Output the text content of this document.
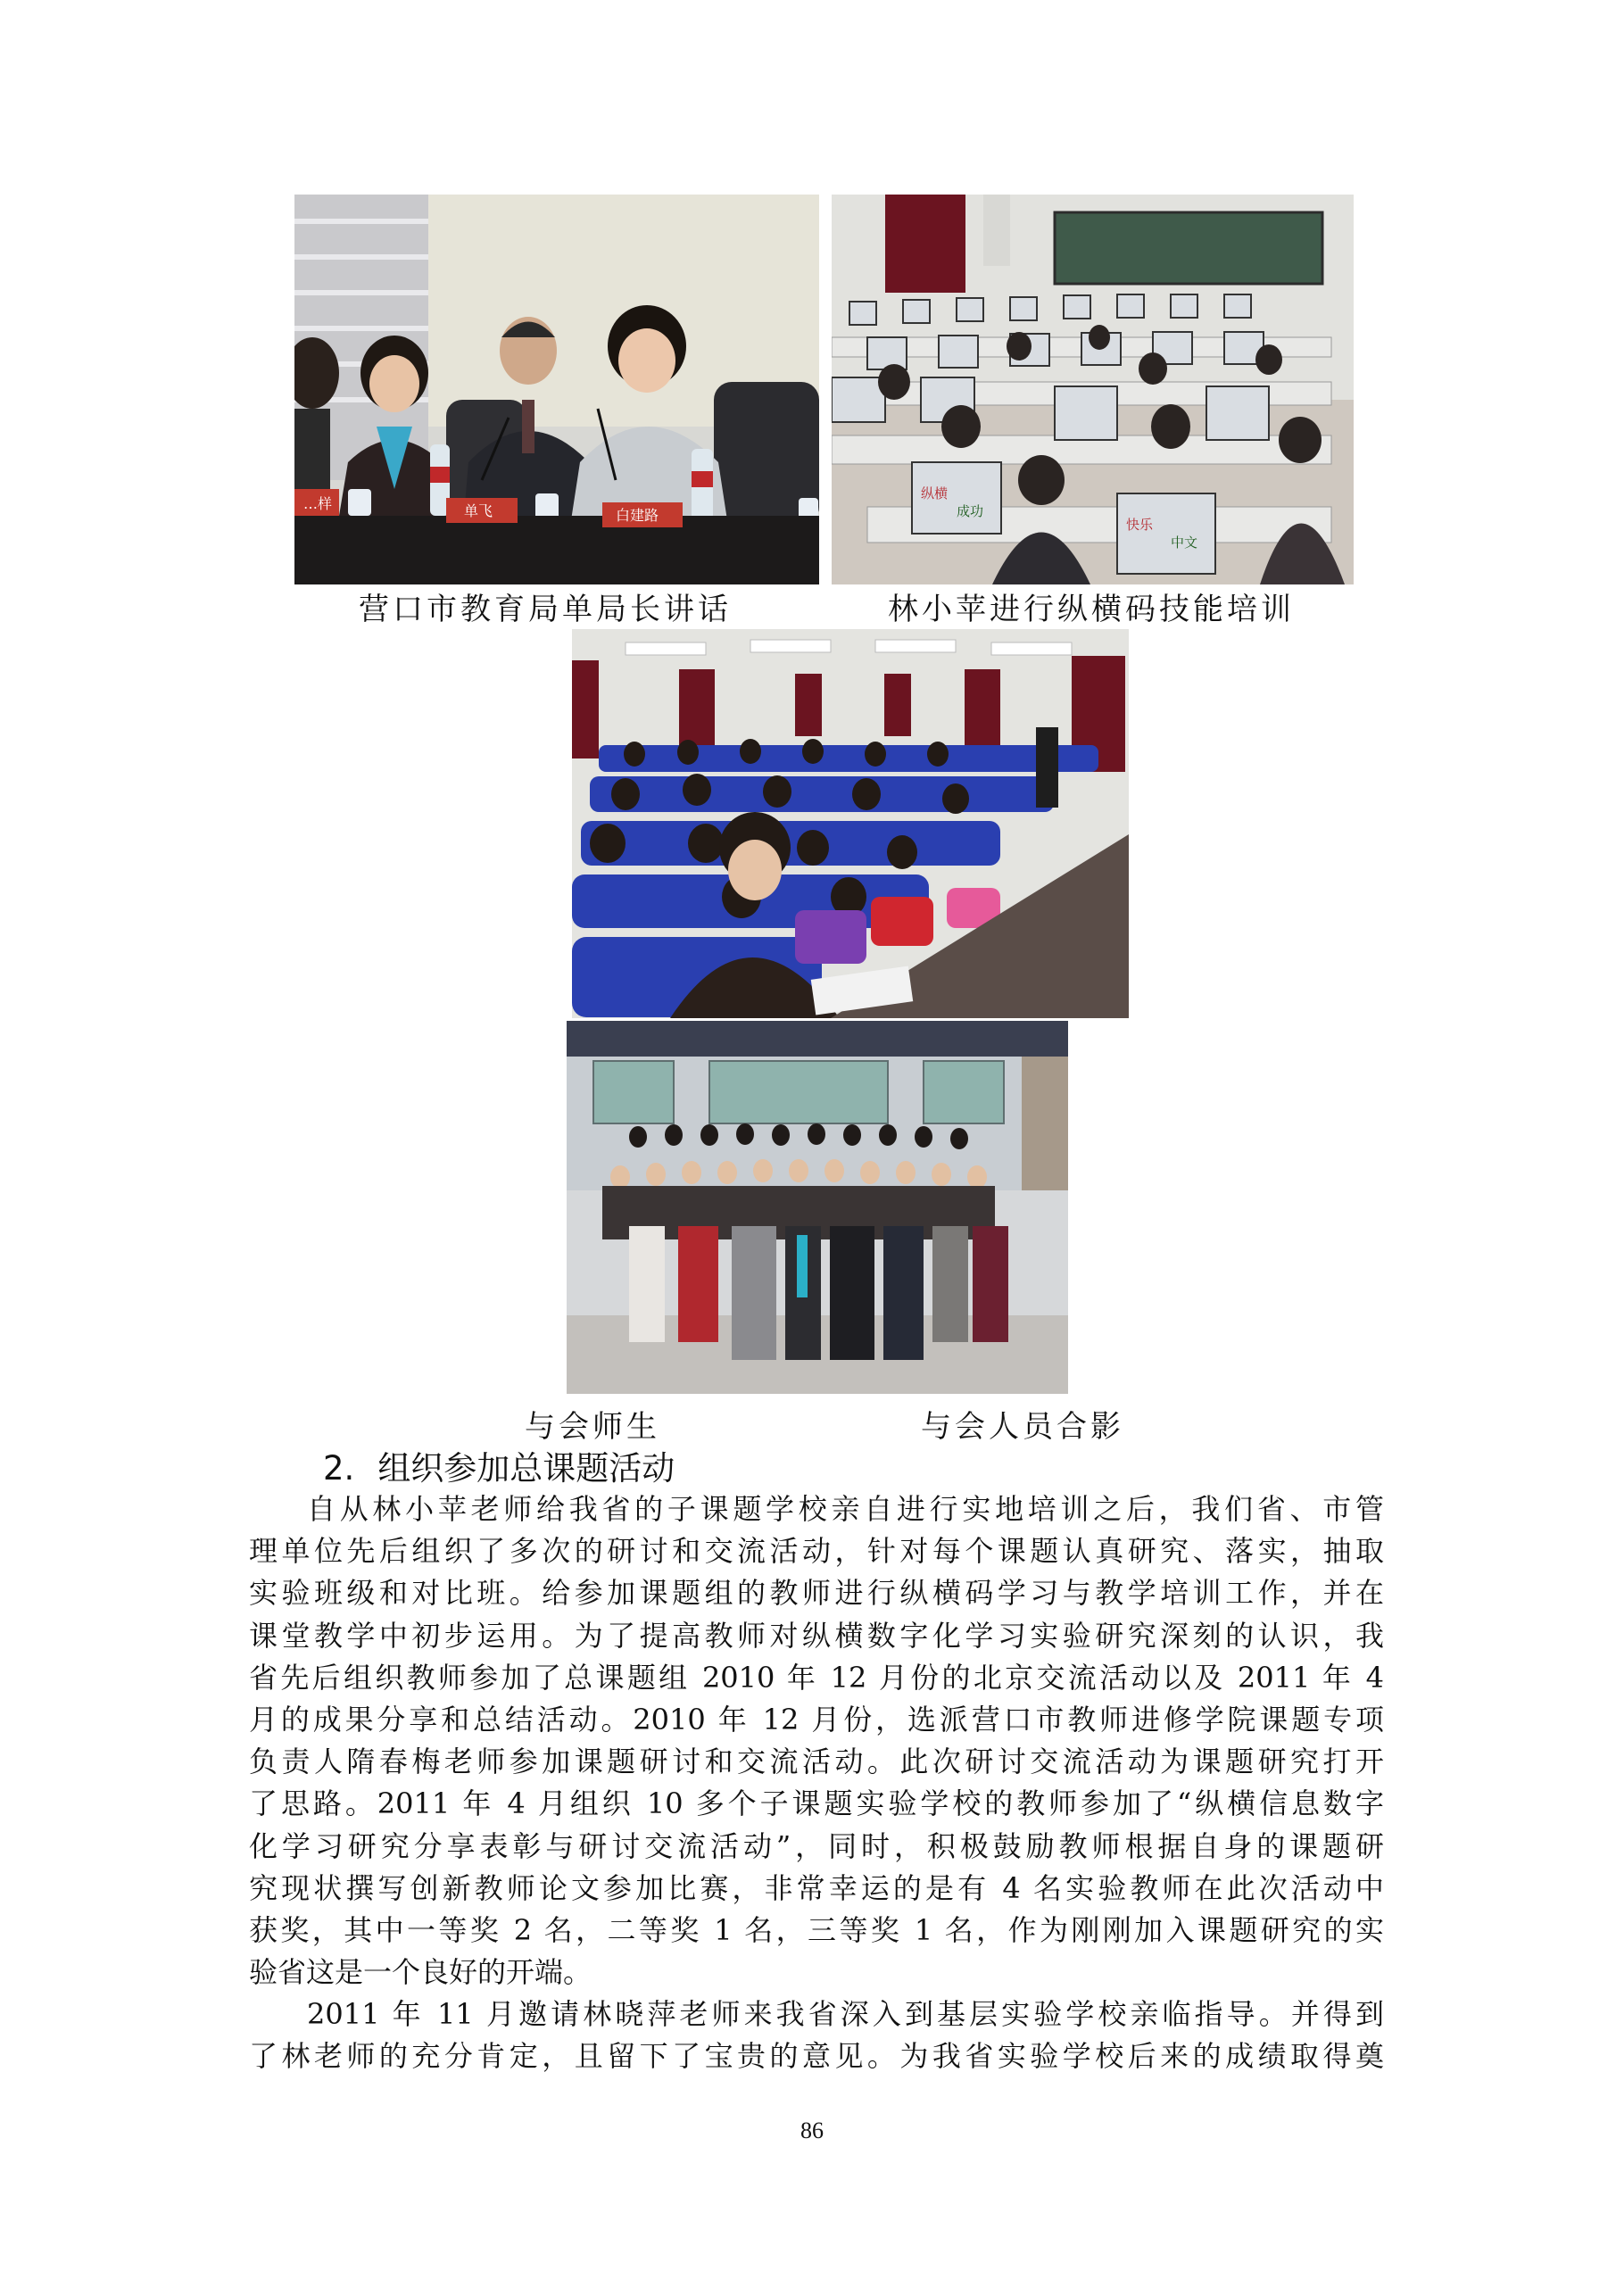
…样	单飞	白建路
纵横
成功
快乐
中文
营口市教育局单局长讲话	林小苹进行纵横码技能培训
与会师生	与会人员合影
2. 组织参加总课题活动
自从林小苹老师给我省的子课题学校亲自进行实地培训之后，我们省、市管
理单位先后组织了多次的研讨和交流活动，针对每个课题认真研究、落实，抽取
实验班级和对比班。给参加课题组的教师进行纵横码学习与教学培训工作，并在
课堂教学中初步运用。为了提高教师对纵横数字化学习实验研究深刻的认识，我
省先后组织教师参加了总课题组 2010 年 12 月份的北京交流活动以及 2011 年 4
月的成果分享和总结活动。2010 年 12 月份，选派营口市教师进修学院课题专项
负责人隋春梅老师参加课题研讨和交流活动。此次研讨交流活动为课题研究打开
了思路。2011 年 4 月组织 10 多个子课题实验学校的教师参加了“纵横信息数字
化学习研究分享表彰与研讨交流活动”，同时，积极鼓励教师根据自身的课题研
究现状撰写创新教师论文参加比赛，非常幸运的是有 4 名实验教师在此次活动中
获奖，其中一等奖 2 名，二等奖 1 名，三等奖 1 名，作为刚刚加入课题研究的实
验省这是一个良好的开端。
2011 年 11 月邀请林晓萍老师来我省深入到基层实验学校亲临指导。并得到
了林老师的充分肯定，且留下了宝贵的意见。为我省实验学校后来的成绩取得奠
86
